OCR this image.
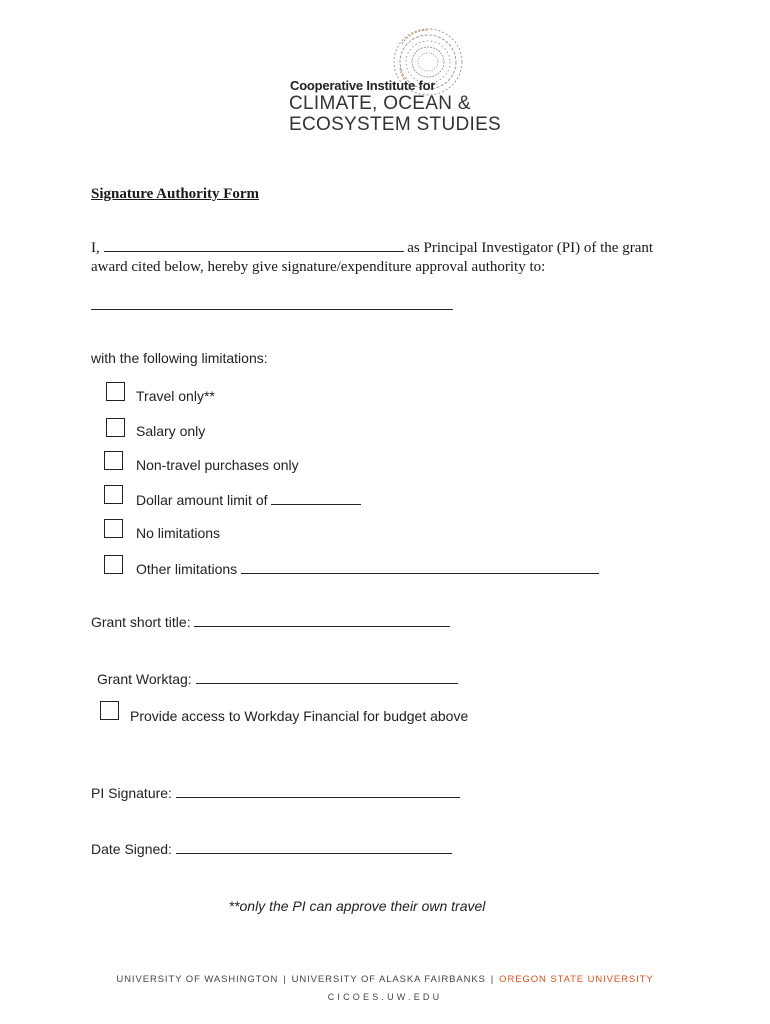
Cooperative Institute for
CLIMATE, OCEAN &
ECOSYSTEM STUDIES
Signature Authority Form
I,	as Principal Investigator (PI) of the grant
award cited below, hereby give signature/expenditure approval authority to:
with the following limitations:
Travel only**
Salary only
Non-travel purchases only
Dollar amount limit of
No limitations
Other limitations
Grant short title:
Grant Worktag:
Provide access to Workday Financial for budget above
PI Signature:
Date Signed:
**only the PI can approve their own travel
UNIVERSITY OF WASHINGTON | UNIVERSITY OF ALASKA FAIRBANKS | OREGON STATE UNIVERSITY
CICOES.UW.EDU
